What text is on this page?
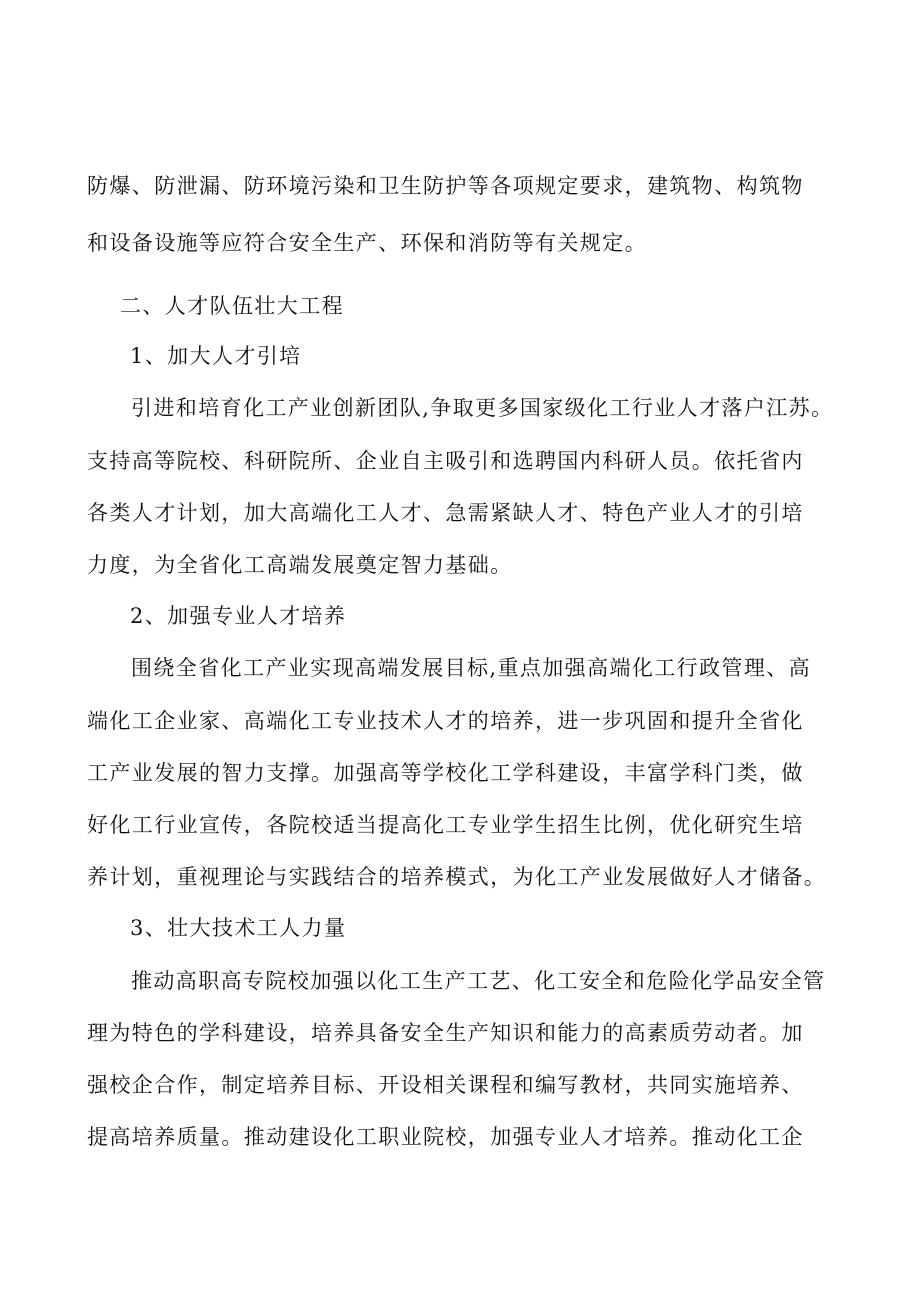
防爆、防泄漏、防环境污染和卫生防护等各项规定要求，建筑物、构筑物

和设备设施等应符合安全生产、环保和消防等有关规定。

二、人才队伍壮大工程

1、加大人才引培

引进和培育化工产业创新团队,争取更多国家级化工行业人才落户江苏。

支持高等院校、科研院所、企业自主吸引和选聘国内科研人员。依托省内

各类人才计划，加大高端化工人才、急需紧缺人才、特色产业人才的引培

力度，为全省化工高端发展奠定智力基础。

2、加强专业人才培养

围绕全省化工产业实现高端发展目标,重点加强高端化工行政管理、高

端化工企业家、高端化工专业技术人才的培养，进一步巩固和提升全省化

工产业发展的智力支撑。加强高等学校化工学科建设，丰富学科门类，做

好化工行业宣传，各院校适当提高化工专业学生招生比例，优化研究生培

养计划，重视理论与实践结合的培养模式，为化工产业发展做好人才储备。

3、壮大技术工人力量

推动高职高专院校加强以化工生产工艺、化工安全和危险化学品安全管

理为特色的学科建设，培养具备安全生产知识和能力的高素质劳动者。加

强校企合作，制定培养目标、开设相关课程和编写教材，共同实施培养、

提高培养质量。推动建设化工职业院校，加强专业人才培养。推动化工企
